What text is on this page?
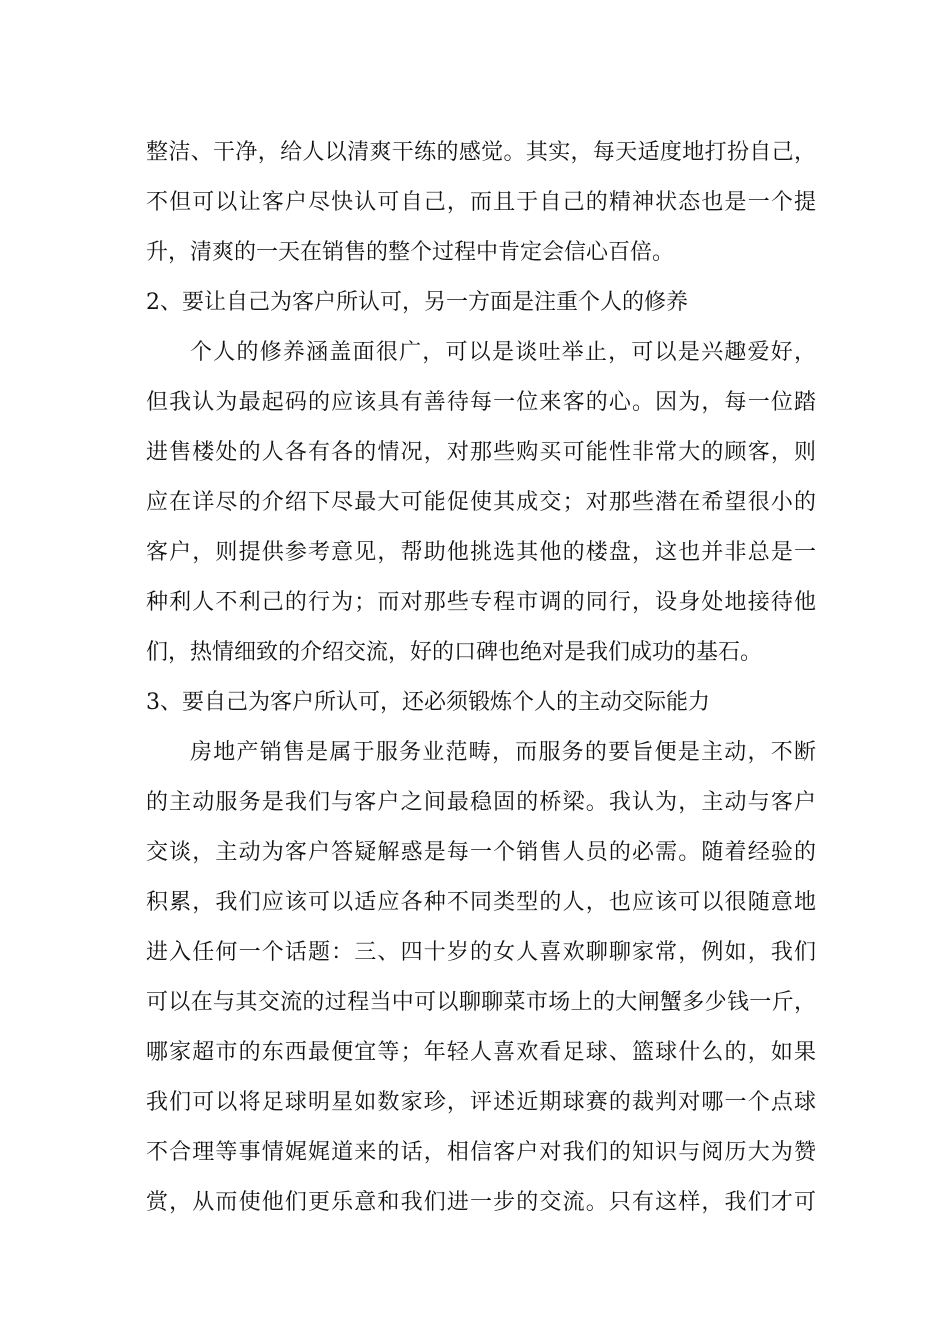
整洁、干净，给人以清爽干练的感觉。其实，每天适度地打扮自己，
不但可以让客户尽快认可自己，而且于自己的精神状态也是一个提
升，清爽的一天在销售的整个过程中肯定会信心百倍。
2、要让自己为客户所认可，另一方面是注重个人的修养
个人的修养涵盖面很广，可以是谈吐举止，可以是兴趣爱好，
但我认为最起码的应该具有善待每一位来客的心。因为，每一位踏
进售楼处的人各有各的情况，对那些购买可能性非常大的顾客，则
应在详尽的介绍下尽最大可能促使其成交；对那些潜在希望很小的
客户，则提供参考意见，帮助他挑选其他的楼盘，这也并非总是一
种利人不利己的行为；而对那些专程市调的同行，设身处地接待他
们，热情细致的介绍交流，好的口碑也绝对是我们成功的基石。
3、要自己为客户所认可，还必须锻炼个人的主动交际能力
房地产销售是属于服务业范畴，而服务的要旨便是主动，不断
的主动服务是我们与客户之间最稳固的桥梁。我认为，主动与客户
交谈，主动为客户答疑解惑是每一个销售人员的必需。随着经验的
积累，我们应该可以适应各种不同类型的人，也应该可以很随意地
进入任何一个话题：三、四十岁的女人喜欢聊聊家常，例如，我们
可以在与其交流的过程当中可以聊聊菜市场上的大闸蟹多少钱一斤，
哪家超市的东西最便宜等；年轻人喜欢看足球、篮球什么的，如果
我们可以将足球明星如数家珍，评述近期球赛的裁判对哪一个点球
不合理等事情娓娓道来的话，相信客户对我们的知识与阅历大为赞
赏，从而使他们更乐意和我们进一步的交流。只有这样，我们才可
